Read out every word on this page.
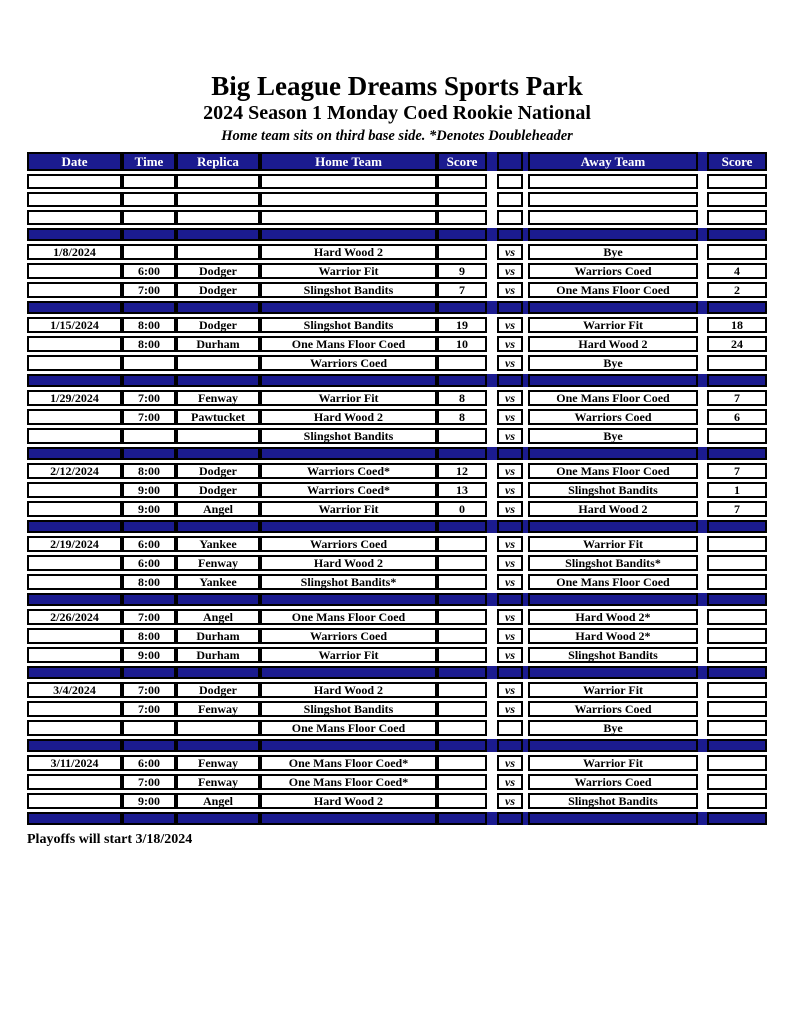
Big League Dreams Sports Park
2024 Season 1 Monday Coed Rookie National
Home team sits on third base side. *Denotes Doubleheader
Date	Time	Replica	Home Team	Score				Away Team		Score

1/8/2024			Hard Wood 2			vs		Bye		
	6:00	Dodger	Warrior Fit	9		vs		Warriors Coed		4
	7:00	Dodger	Slingshot Bandits	7		vs		One Mans Floor Coed		2

1/15/2024	8:00	Dodger	Slingshot Bandits	19		vs		Warrior Fit		18
	8:00	Durham	One Mans Floor Coed	10		vs		Hard Wood 2		24
			Warriors Coed			vs		Bye		

1/29/2024	7:00	Fenway	Warrior Fit	8		vs		One Mans Floor Coed		7
	7:00	Pawtucket	Hard Wood 2	8		vs		Warriors Coed		6
			Slingshot Bandits			vs		Bye		

2/12/2024	8:00	Dodger	Warriors Coed*	12		vs		One Mans Floor Coed		7
	9:00	Dodger	Warriors Coed*	13		vs		Slingshot Bandits		1
	9:00	Angel	Warrior Fit	0		vs		Hard Wood 2		7

2/19/2024	6:00	Yankee	Warriors Coed			vs		Warrior Fit		
	6:00	Fenway	Hard Wood 2			vs		Slingshot Bandits*		
	8:00	Yankee	Slingshot Bandits*			vs		One Mans Floor Coed		

2/26/2024	7:00	Angel	One Mans Floor Coed			vs		Hard Wood 2*		
	8:00	Durham	Warriors Coed			vs		Hard Wood 2*		
	9:00	Durham	Warrior Fit			vs		Slingshot Bandits		

3/4/2024	7:00	Dodger	Hard Wood 2			vs		Warrior Fit		
	7:00	Fenway	Slingshot Bandits			vs		Warriors Coed		
			One Mans Floor Coed					Bye		

3/11/2024	6:00	Fenway	One Mans Floor Coed*			vs		Warrior Fit		
	7:00	Fenway	One Mans Floor Coed*			vs		Warriors Coed		
	9:00	Angel	Hard Wood 2			vs		Slingshot Bandits		

Playoffs will start 3/18/2024
